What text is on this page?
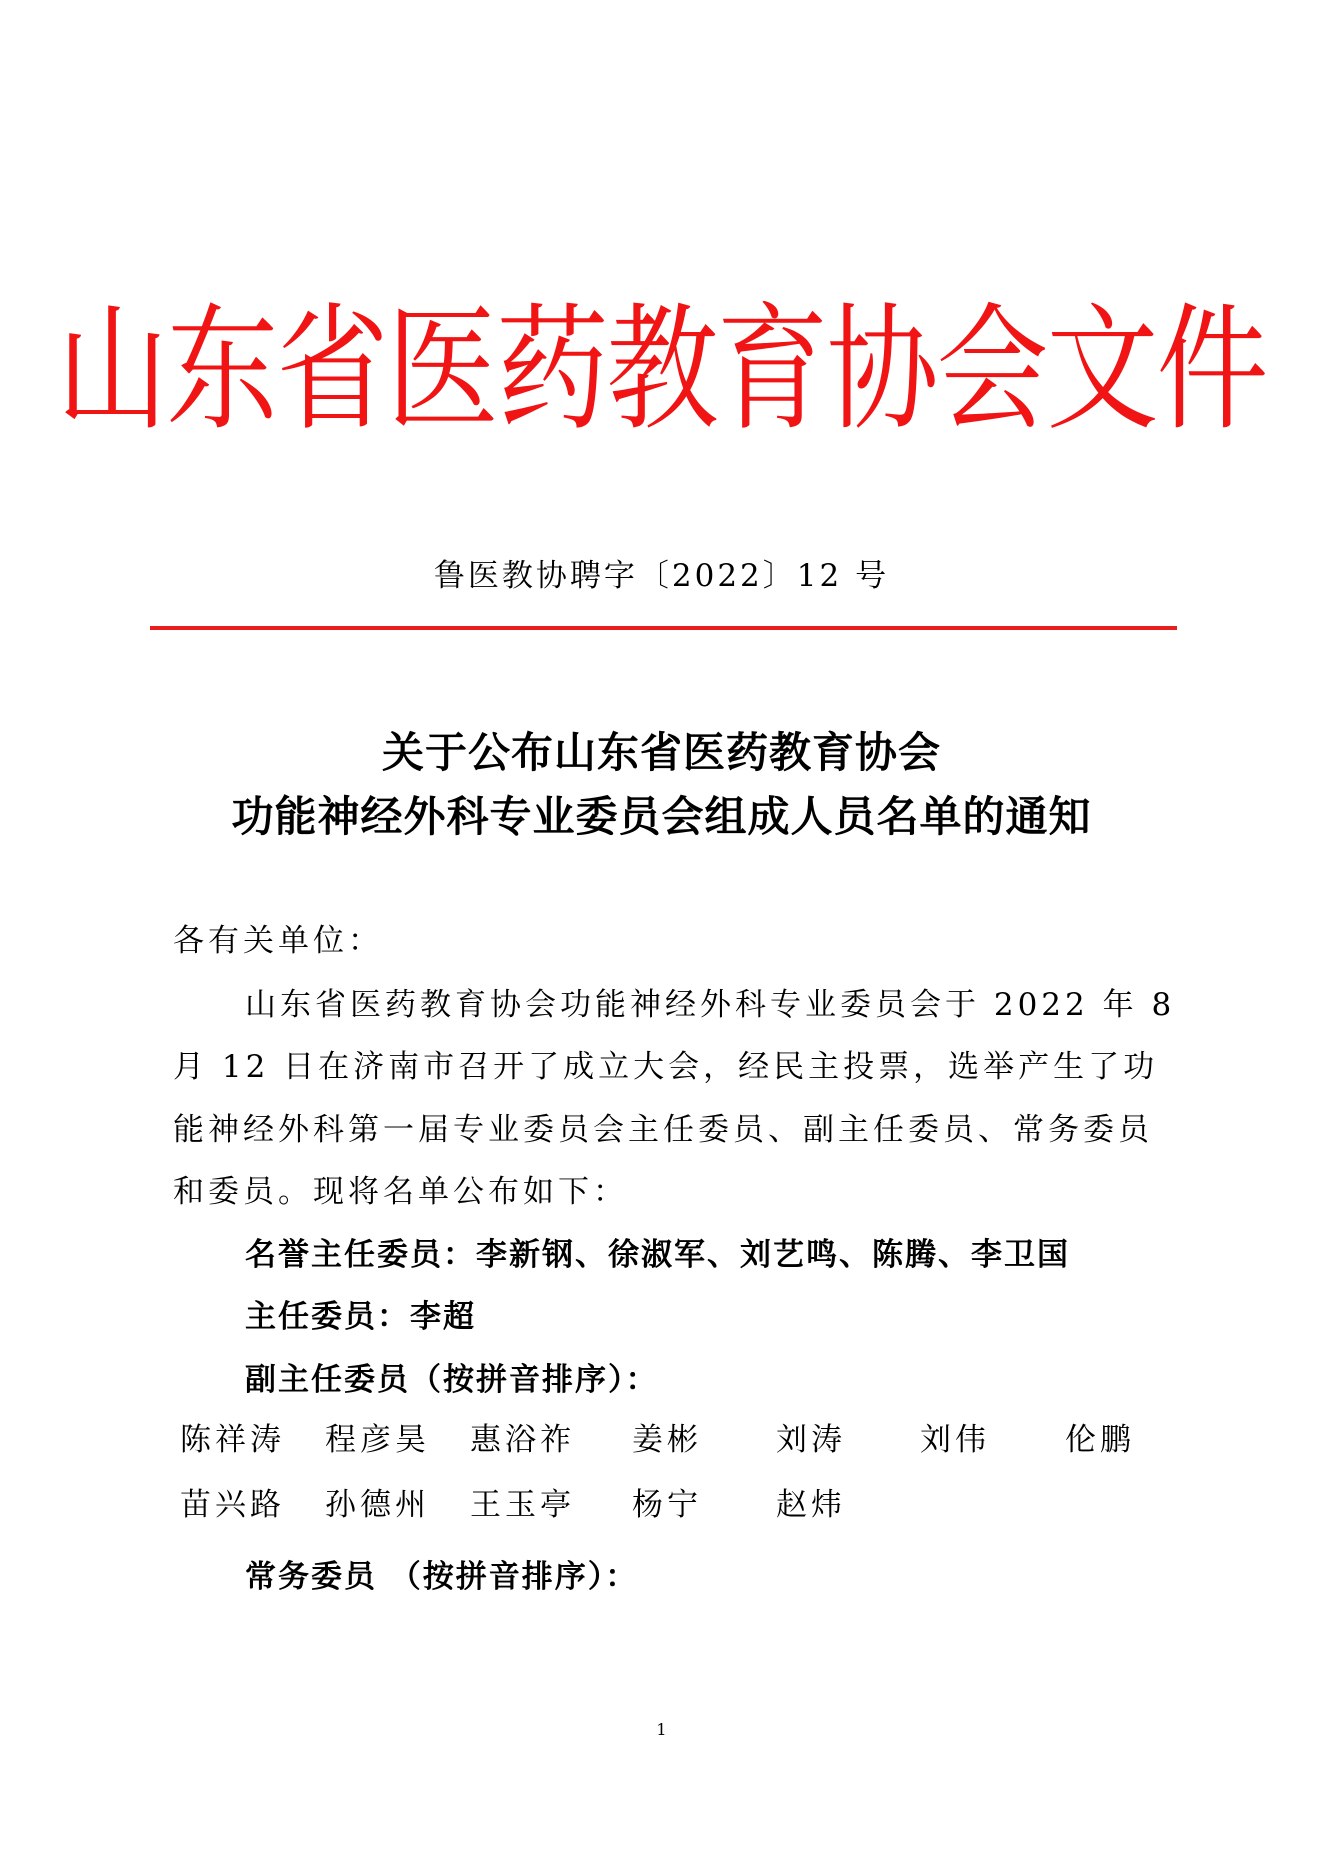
山东省医药教育协会文件
鲁医教协聘字〔2022〕12 号
关于公布山东省医药教育协会
功能神经外科专业委员会组成人员名单的通知
各有关单位：
山东省医药教育协会功能神经外科专业委员会于 2022 年 8
月 12 日在济南市召开了成立大会，经民主投票，选举产生了功
能神经外科第一届专业委员会主任委员、副主任委员、常务委员
和委员。现将名单公布如下：
名誉主任委员：李新钢、徐淑军、刘艺鸣、陈腾、李卫国
主任委员：李超
副主任委员（按拼音排序）：
陈祥涛 程彦昊 惠浴祚 姜彬 刘涛 刘伟 伦鹏
苗兴路 孙德州 王玉亭 杨宁 赵炜
常务委员 （按拼音排序）：
1
